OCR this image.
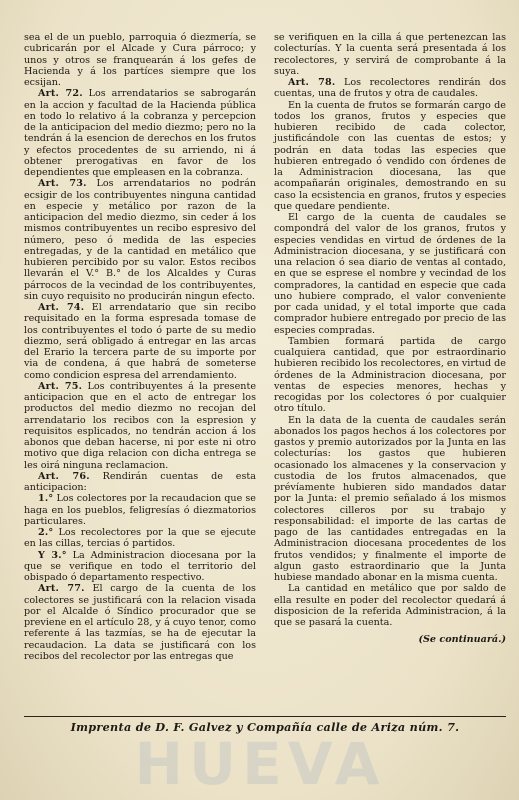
sea el de un pueblo, parroquia ó diezmería, se cubricarán por el Alcade y Cura párroco; y unos y otros se franquearán á los gefes de Hacienda y á los partíces siempre que los ecsijan.

Art. 72. Los arrendatarios se sabrogarán en la accion y facultad de la Hacienda pública en todo lo relativo á la cobranza y percepcion de la anticipacion del medio diezmo; pero no la tendrán á la esencion de derechos en los frutos y efectos procedentes de su arriendo, ni á obtener prerogativas en favor de los dependientes que empleasen en la cobranza.

Art. 73. Los arrendatarios no podrán ecsigir de los contribuyentes ninguna cantidad en especie y metálico por razon de la anticipacion del medio diezmo, sin ceder á los mismos contribuyentes un recibo espresivo del número, peso ó medida de las especies entregadas, y de la cantidad en metálico que hubieren percibido por su valor. Estos recibos llevarán el V.° B.° de los Alcaldes y Curas párrocos de la vecindad de los contribuyentes, sin cuyo requisito no producirán ningun efecto.

Art. 74. El arrendatario que sin recibo requisitado en la forma espresada tomase de los contribuyentes el todo ó parte de su medio diezmo, será obligado á entregar en las arcas del Erario la tercera parte de su importe por via de condena, á que habrá de someterse como condicion espresa del arrendamiento.

Art. 75. Los contribuyentes á la presente anticipacion que en el acto de entregar los productos del medio diezmo no recojan del arrendatario los recibos con la espresion y requisitos esplicados, no tendrán accion á los abonos que deban hacerse, ni por este ni otro motivo que diga relacion con dicha entrega se les oirá ninguna reclamacion.

Art. 76. Rendirán cuentas de esta anticipacion:

1.° Los colectores por la recaudacion que se haga en los pueblos, feligresías ó diezmatorios particulares.

2.° Los recolectores por la que se ejecute en las cillas, tercias ó partidos.

Y 3.° La Administracion diocesana por la que se verifique en todo el territorio del obispado ó departamento respectivo.

Art. 77. El cargo de la cuenta de los colectores se justificará con la relacion visada por el Alcalde ó Síndico procurador que se previene en el artículo 28, y á cuyo tenor, como referente á las tazmías, se ha de ejecutar la recaudacion. La data se justificará con los recibos del recolector por las entregas que

se verifiquen en la cilla á que pertenezcan las colecturías. Y la cuenta será presentada á los recolectores, y servirá de comprobante á la suya.

Art. 78. Los recolectores rendirán dos cuentas, una de frutos y otra de caudales.

En la cuenta de frutos se formarán cargo de todos los granos, frutos y especies que hubieren recibido de cada colector, justificándole con las cuentas de estos; y podrán en data todas las especies que hubieren entregado ó vendido con órdenes de la Administracion diocesana, las que acompañarán originales, demostrando en su caso la ecsistencia en granos, frutos y especies que quedare pendiente.

El cargo de la cuenta de caudales se compondrá del valor de los granos, frutos y especies vendidas en virtud de órdenes de la Administracion diocesana, y se justificará con una relacion ó sea diario de ventas al contado, en que se esprese el nombre y vecindad de los compradores, la cantidad en especie que cada uno hubiere comprado, el valor conveniente por cada unidad, y el total importe que cada comprador hubiere entregado por precio de las especies compradas.

Tambien formará partida de cargo cualquiera cantidad, que por estraordinario hubieren recibido los recolectores, en virtud de órdenes de la Administracion diocesana, por ventas de especies menores, hechas y recogidas por los colectores ó por cualquier otro título.

En la data de la cuenta de caudales serán abonados los pagos hechos á los colectores por gastos y premio autorizados por la Junta en las colecturías: los gastos que hubieren ocasionado los almacenes y la conservacion y custodia de los frutos almacenados, que prévíamente hubieren sido mandados datar por la Junta: el premio señalado á los mismos colectores cilleros por su trabajo y responsabilidad: el importe de las cartas de pago de las cantidades entregadas en la Administracion diocesana procedentes de los frutos vendidos; y finalmente el importe de algun gasto estraordinario que la Junta hubiese mandado abonar en la misma cuenta.

La cantidad en metálico que por saldo de ella resulte en poder del recolector quedará á disposicion de la referida Administracion, á la que se pasará la cuenta.

(Se continuará.)
Imprenta de D. F. Galvez y Compañía calle de Ariza núm. 7.
HUEVA
